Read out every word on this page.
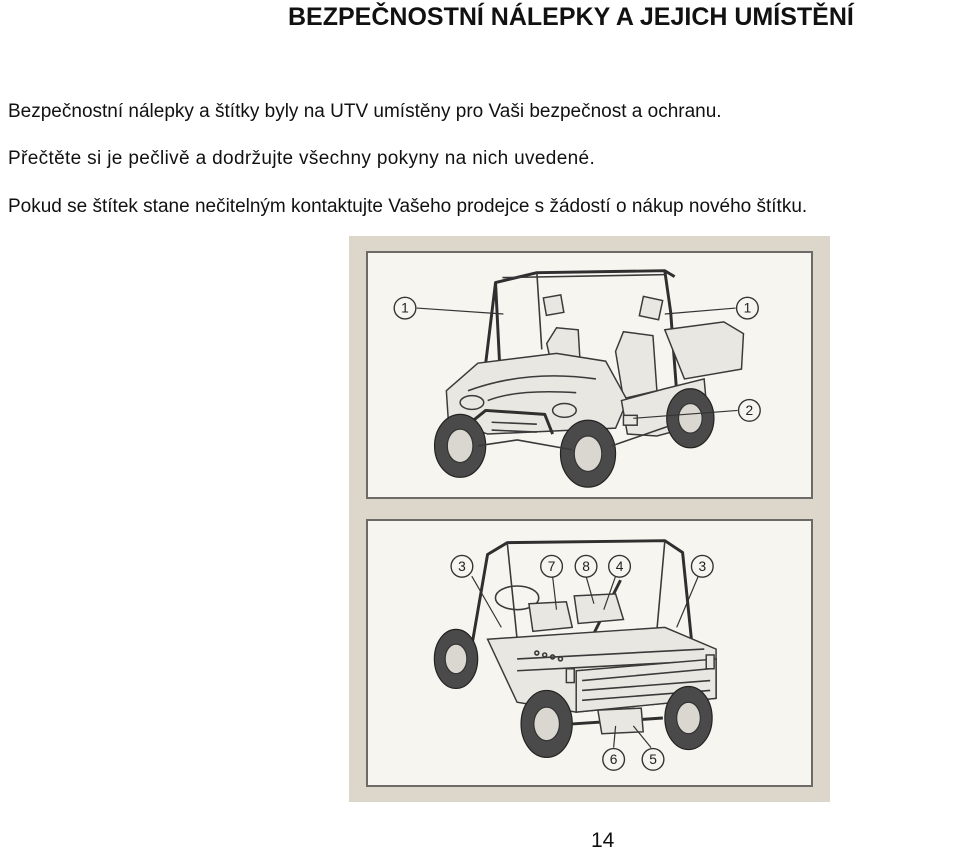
BEZPEČNOSTNÍ NÁLEPKY A JEJICH UMÍSTĚNÍ

Bezpečnostní nálepky a štítky byly na UTV umístěny pro Vaši bezpečnost a ochranu.

Přečtěte si je pečlivě a dodržujte všechny pokyny na nich uvedené.

Pokud se štítek stane nečitelným kontaktujte Vašeho prodejce s žádostí o nákup nového štítku.

1	1
2
3	7 8 4	3
6 5

14
